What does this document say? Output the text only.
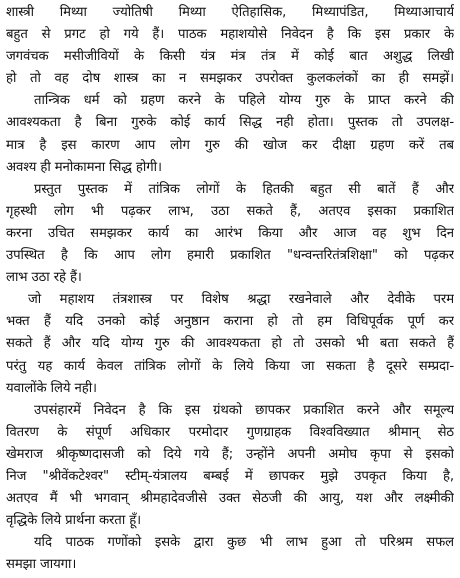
शास्त्री मिथ्या ज्योतिषी मिथ्या ऐतिहासिक, मिथ्यापंडित, मिथ्याआचार्य
बहुत से प्रगट हो गये हैं। पाठक महाशयोसे निवेदन है कि इस प्रकार के
जगवंचक मसीजीवियों के किसी यंत्र मंत्र तंत्र में कोई बात अशुद्ध लिखी
हो तो वह दोष शास्त्र का न समझकर उपरोक्त कुलकलंकों का ही समझें।
तान्त्रिक धर्म को ग्रहण करने के पहिले योग्य गुरु के प्राप्त करने की
आवश्यकता है बिना गुरुके कोई कार्य सिद्ध नही होता। पुस्तक तो उपलक्ष-
मात्र है इस कारण आप लोग गुरु की खोज कर दीक्षा ग्रहण करें तब
अवश्य ही मनोकामना सिद्ध होगी।
प्रस्तुत पुस्तक में तांत्रिक लोगों के हितकी बहुत सी बातें हैं और
गृहस्थी लोग भी पढ़कर लाभ, उठा सकते हैं, अतएव इसका प्रकाशित
करना उचित समझकर कार्य का आरंभ किया और आज वह शुभ दिन
उपस्थित है कि आप लोग हमारी प्रकाशित "धन्वन्तरितंत्रशिक्षा" को पढ़कर
लाभ उठा रहे हैं।
जो महाशय तंत्रशास्त्र पर विशेष श्रद्धा रखनेवाले और देवीके परम
भक्त हैं यदि उनको कोई अनुष्ठान कराना हो तो हम विधिपूर्वक पूर्ण कर
सकते हैं और यदि योग्य गुरु की आवश्यकता हो तो उसको भी बता सकते हैं
परंतु यह कार्य केवल तांत्रिक लोगों के लिये किया जा सकता है दूसरे सम्प्रदा-
यवालोंके लिये नही।
उपसंहारमें निवेदन है कि इस ग्रंथको छापकर प्रकाशित करने और समूल्य
वितरण के संपूर्ण अधिकार परमोदार गुणग्राहक विश्वविख्यात श्रीमान् सेठ
खेमराज श्रीकृष्णदासजी को दिये गये हैं; उन्होंने अपनी अमोघ कृपा से इसको
निज "श्रीवेंकटेश्वर" स्टीम्-यंत्रालय बम्बई में छापकर मुझे उपकृत किया है,
अतएव मैं भी भगवान् श्रीमहादेवजीसे उक्त सेठजी की आयु, यश और लक्ष्मीकी
वृद्धिके लिये प्रार्थना करता हूँ।
यदि पाठक गणोंको इसके द्वारा कुछ भी लाभ हुआ तो परिश्रम सफल
समझा जायगा।
